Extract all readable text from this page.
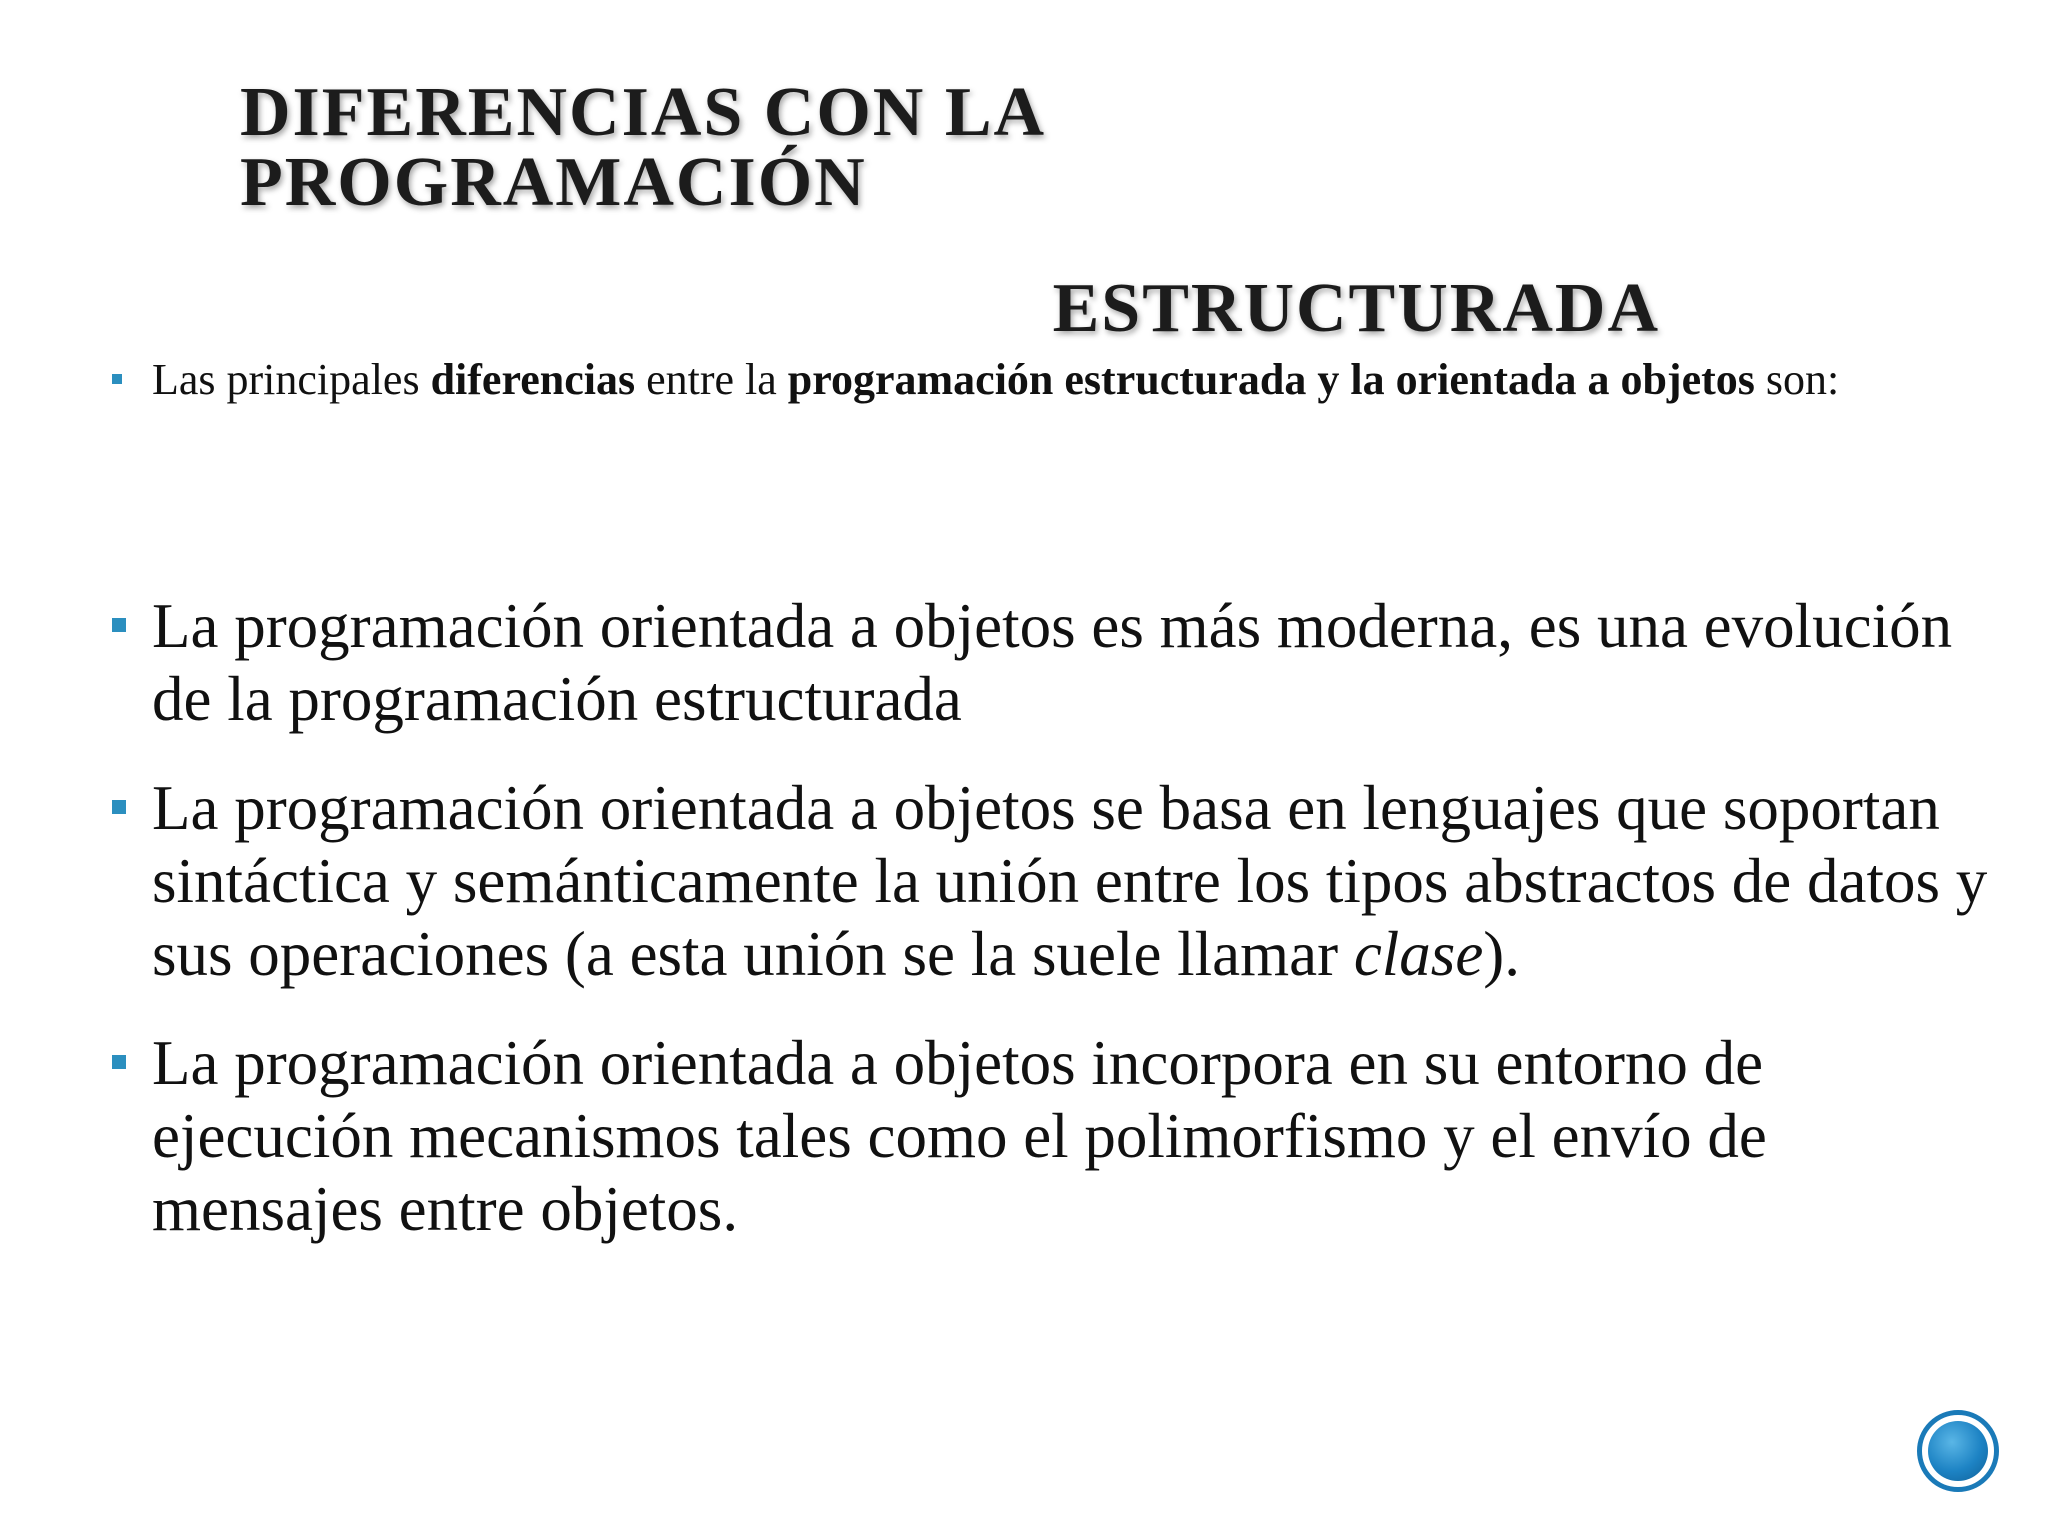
DIFERENCIAS CON LA PROGRAMACIÓN
ESTRUCTURADA
Las principales diferencias entre la programación estructurada y la orientada a objetos son:
La programación orientada a objetos es más moderna, es una evolución de la programación estructurada
La programación orientada a objetos se basa en lenguajes que soportan sintáctica y semánticamente la unión entre los tipos abstractos de datos y sus operaciones (a esta unión se la suele llamar clase).
La programación orientada a objetos incorpora en su entorno de ejecución mecanismos tales como el polimorfismo y el envío de mensajes entre objetos.
